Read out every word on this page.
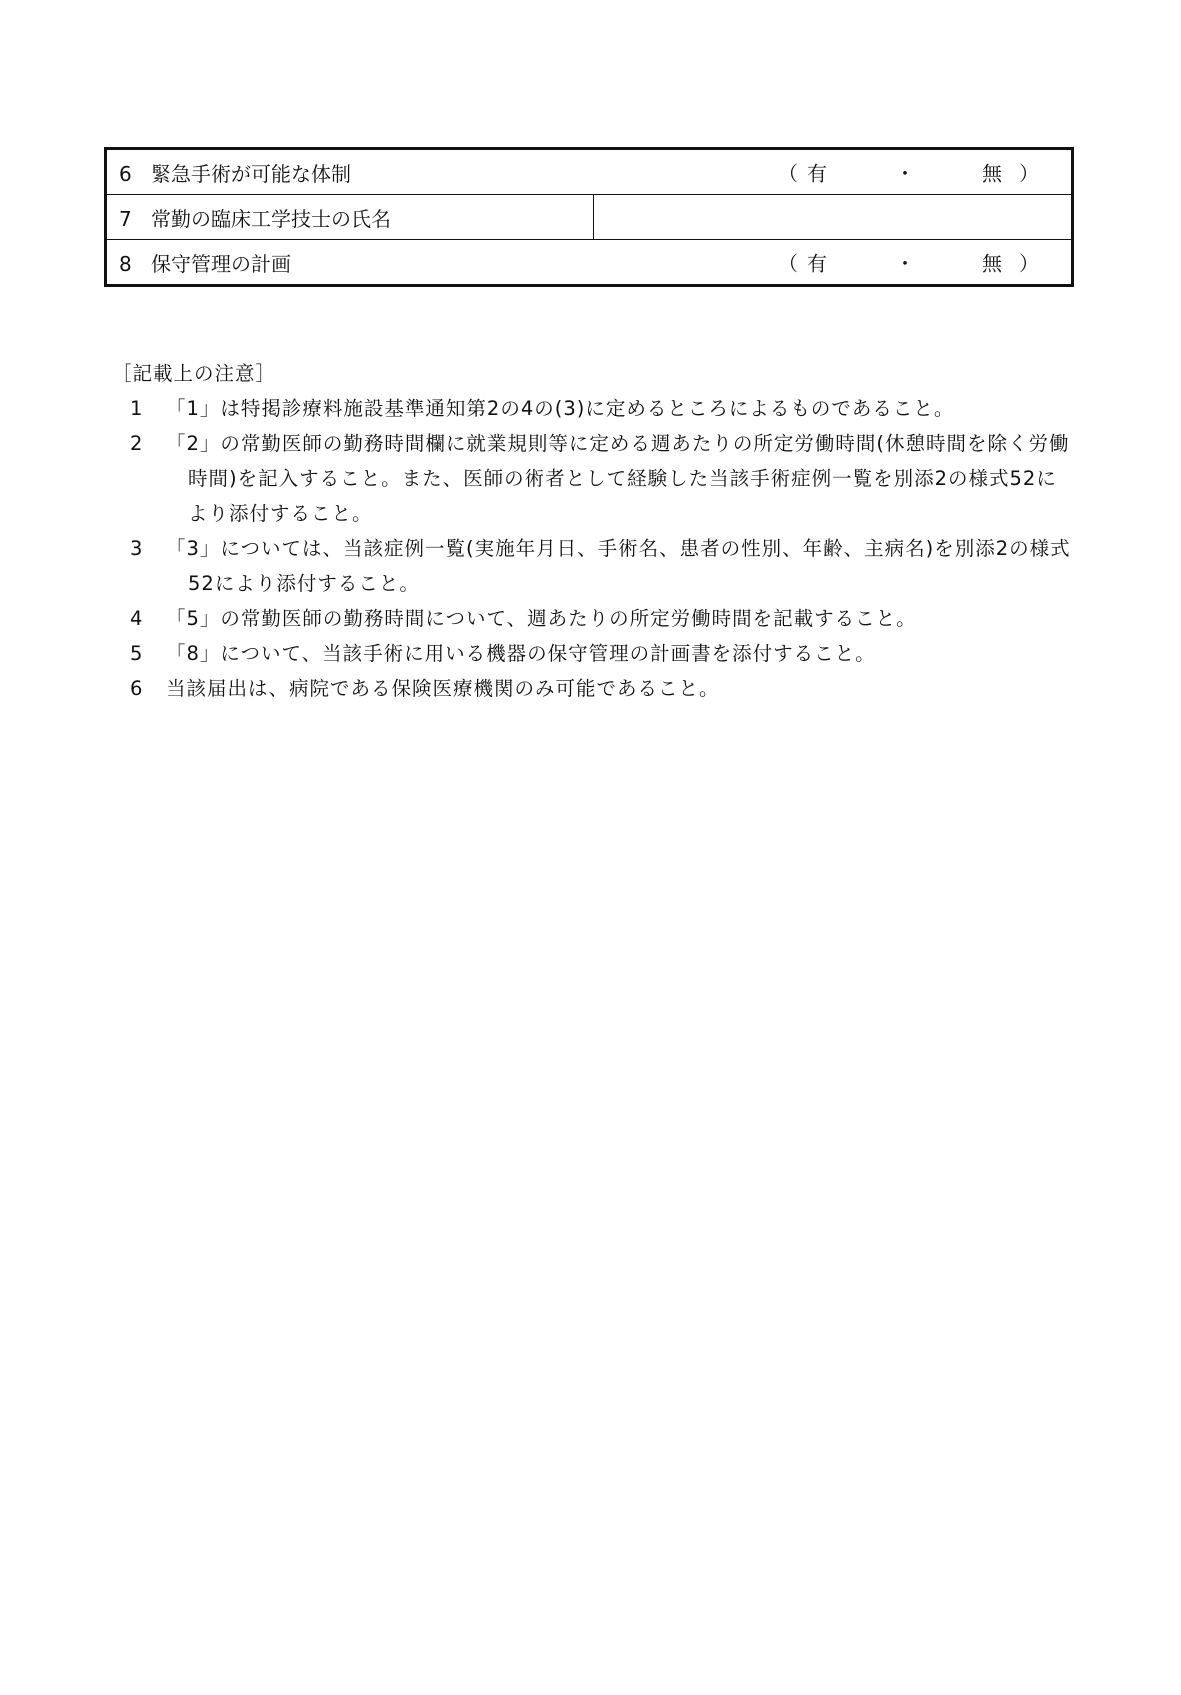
6 緊急手術が可能な体制	（ 有	・	無 ）

7 常勤の臨床工学技士の氏名	
8 保守管理の計画	（ 有	・	無 ）
［記載上の注意］
1	「1」は特掲診療料施設基準通知第2の4の(3)に定めるところによるものであること。
2	「2」の常勤医師の勤務時間欄に就業規則等に定める週あたりの所定労働時間(休憩時間を除く労働時間)を記入すること。また、医師の術者として経験した当該手術症例一覧を別添2の様式52により添付すること。
3	「3」については、当該症例一覧(実施年月日、手術名、患者の性別、年齢、主病名)を別添2の様式52により添付すること。
4	「5」の常勤医師の勤務時間について、週あたりの所定労働時間を記載すること。
5	「8」について、当該手術に用いる機器の保守管理の計画書を添付すること。
6	当該届出は、病院である保険医療機関のみ可能であること。
